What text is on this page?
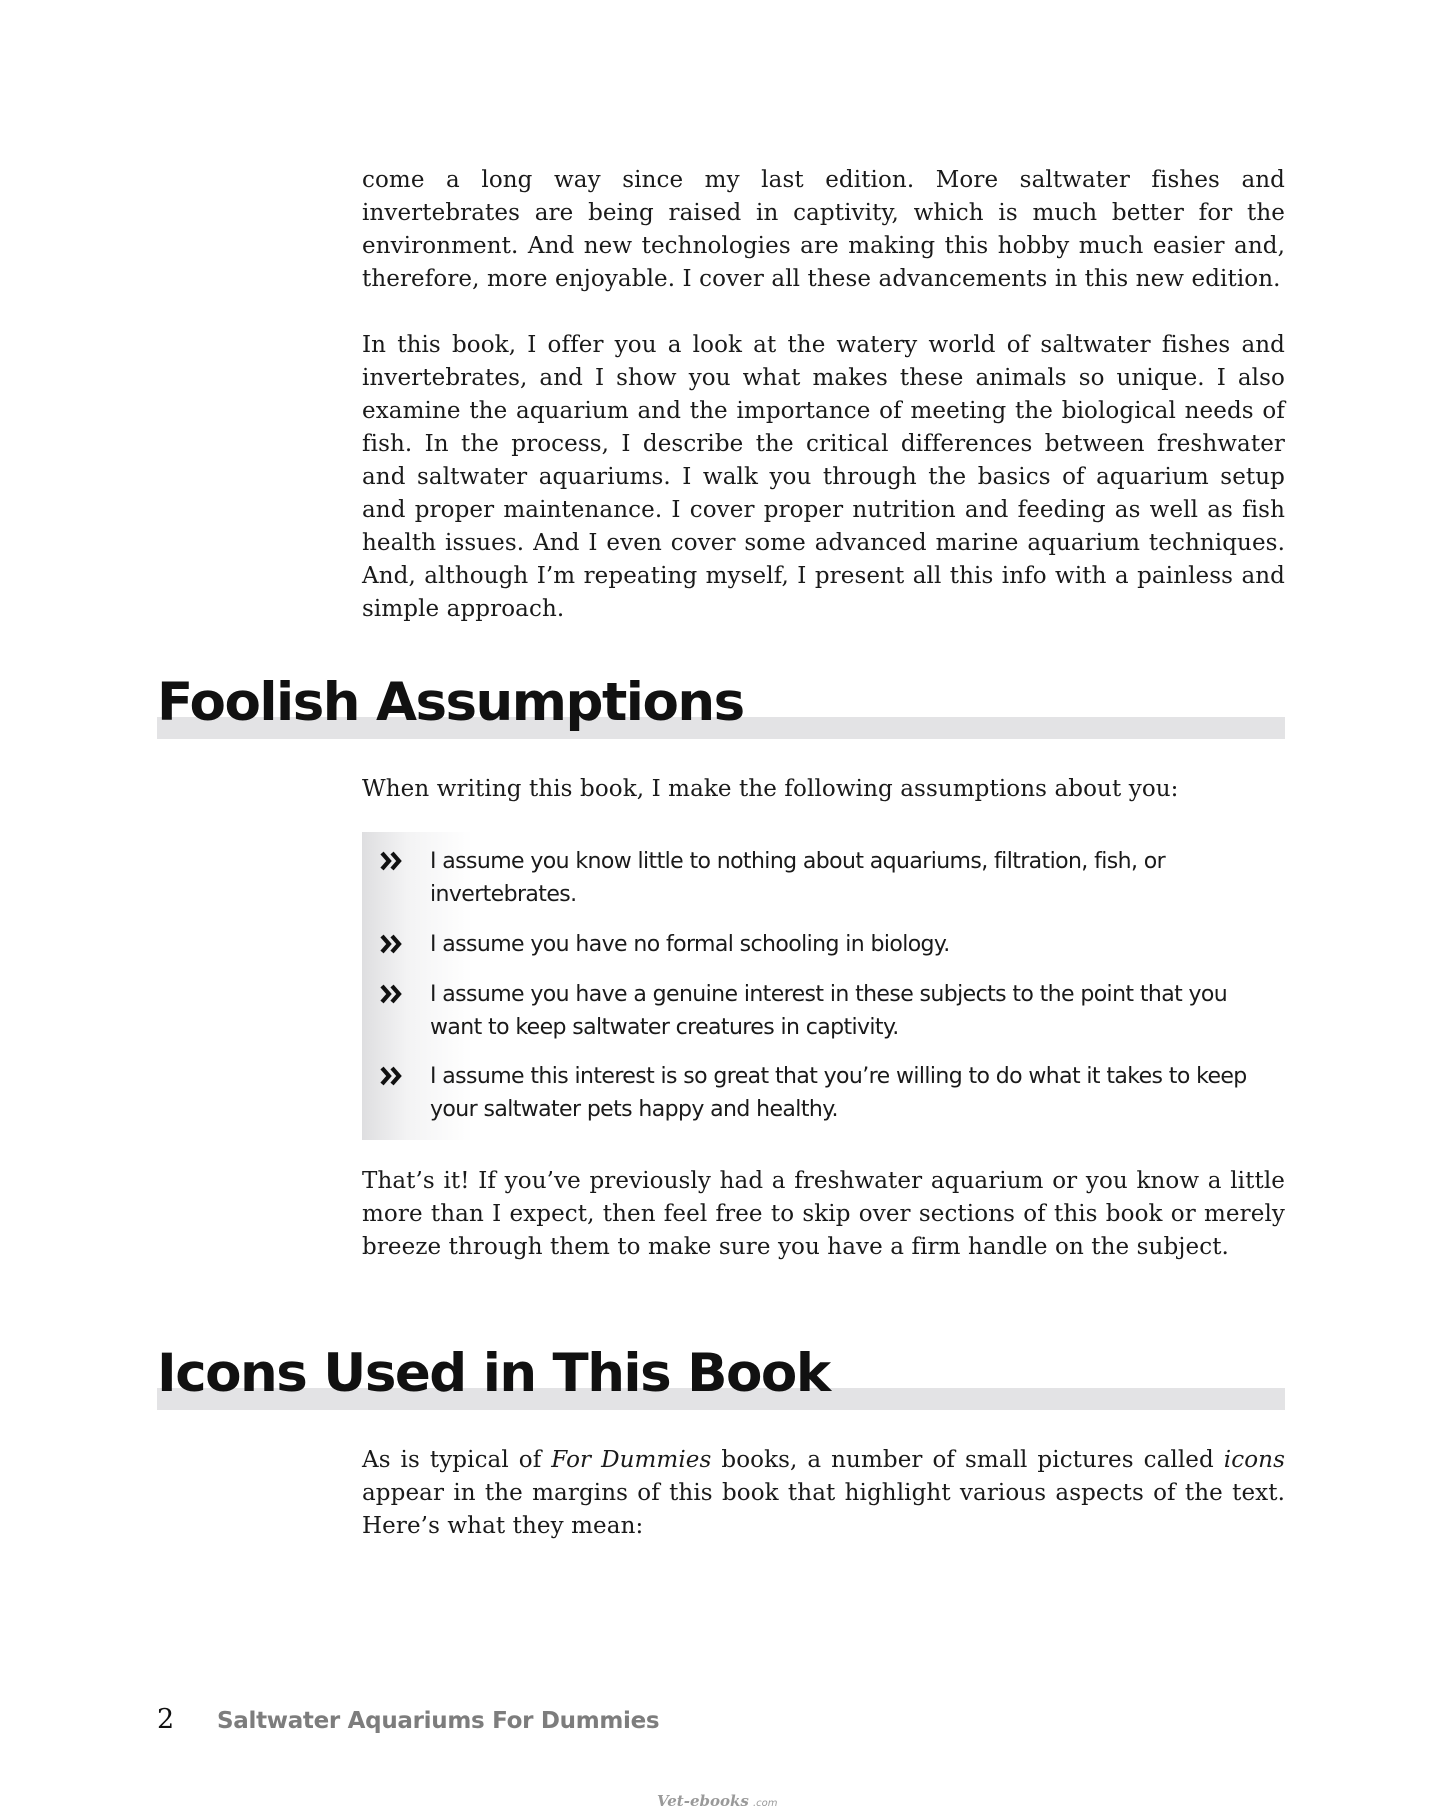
come a long way since my last edition. More saltwater fishes and invertebrates are being raised in captivity, which is much better for the environment. And new technologies are making this hobby much easier and, therefore, more enjoyable. I cover all these advancements in this new edition.

In this book, I offer you a look at the watery world of saltwater fishes and invertebrates, and I show you what makes these animals so unique. I also examine the aquarium and the importance of meeting the biological needs of fish. In the process, I describe the critical differences between freshwater and saltwater aquariums. I walk you through the basics of aquarium setup and proper maintenance. I cover proper nutrition and feeding as well as fish health issues. And I even cover some advanced marine aquarium techniques. And, although I’m repeating myself, I present all this info with a painless and simple approach.

Foolish Assumptions

When writing this book, I make the following assumptions about you:

I assume you know little to nothing about aquariums, filtration, fish, or invertebrates.
I assume you have no formal schooling in biology.
I assume you have a genuine interest in these subjects to the point that you want to keep saltwater creatures in captivity.
I assume this interest is so great that you’re willing to do what it takes to keep your saltwater pets happy and healthy.

That’s it! If you’ve previously had a freshwater aquarium or you know a little more than I expect, then feel free to skip over sections of this book or merely breeze through them to make sure you have a firm handle on the subject.

Icons Used in This Book

As is typical of For Dummies books, a number of small pictures called icons appear in the margins of this book that highlight various aspects of the text. Here’s what they mean:

2 Saltwater Aquariums For Dummies
Vet-ebooks .com
